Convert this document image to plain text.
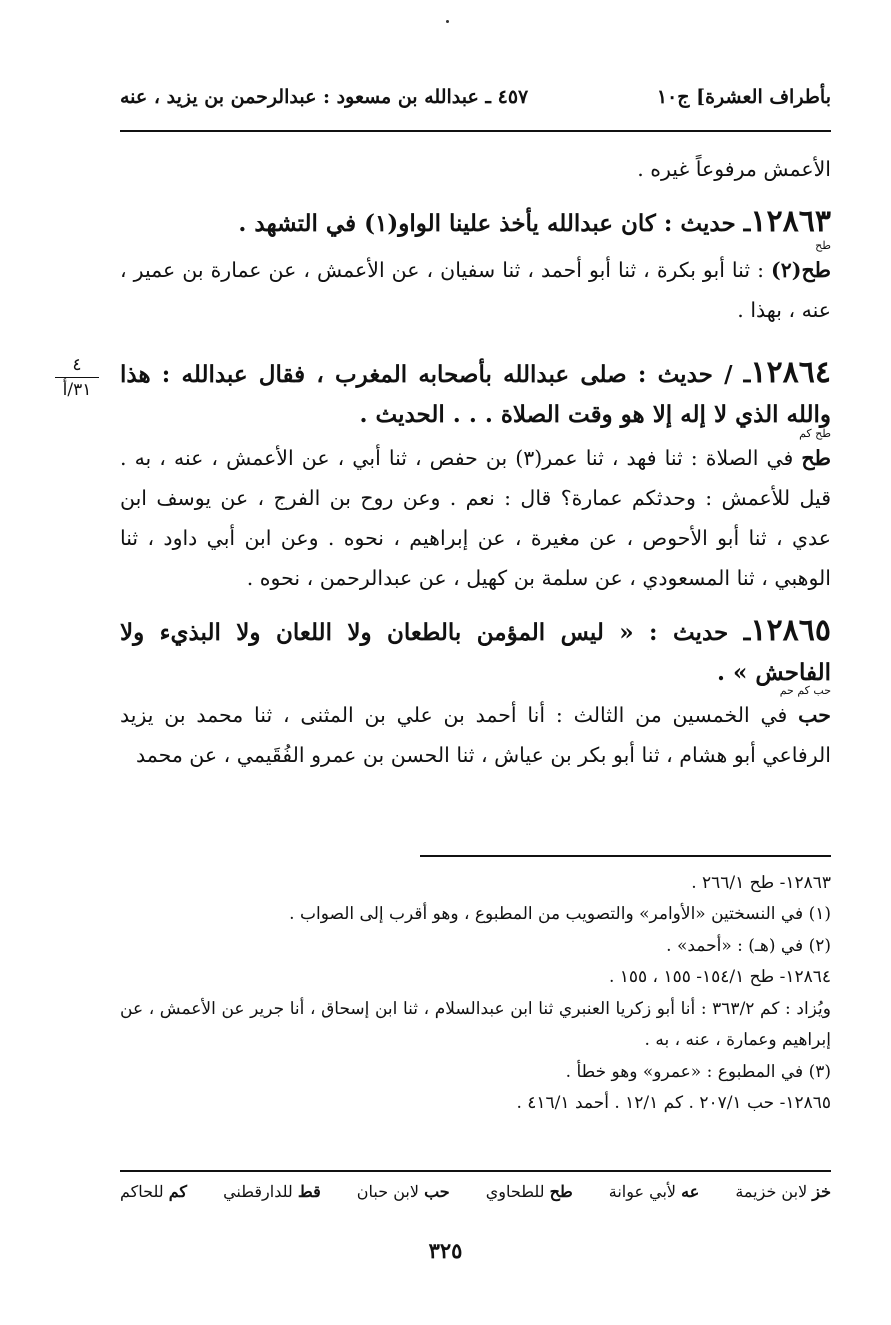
بأطراف العشرة] ج١٠
٤٥٧ ـ عبدالله بن مسعود : عبدالرحمن بن يزيد ، عنه
٤
٣١/أ

الأعمش مرفوعاً غيره .

١٢٨٦٣ـ حديث : كان عبدالله يأخذ علينا الواو(١) في التشهد .
طح

طح(٢) : ثنا أبو بكرة ، ثنا أبو أحمد ، ثنا سفيان ، عن الأعمش ، عن عمارة بن عمير ، عنه ، بهذا .

١٢٨٦٤ـ / حديث : صلى عبدالله بأصحابه المغرب ، فقال عبدالله : هذا والله الذي لا إله إلا هو وقت الصلاة . . . الحديث .
طح كم

طح في الصلاة : ثنا فهد ، ثنا عمر(٣) بن حفص ، ثنا أبي ، عن الأعمش ، عنه ، به . قيل للأعمش : وحدثكم عمارة؟ قال : نعم . وعن روح بن الفرج ، عن يوسف ابن عدي ، ثنا أبو الأحوص ، عن مغيرة ، عن إبراهيم ، نحوه . وعن ابن أبي داود ، ثنا الوهبي ، ثنا المسعودي ، عن سلمة بن كهيل ، عن عبدالرحمن ، نحوه .

١٢٨٦٥ـ حديث : « ليس المؤمن بالطعان ولا اللعان ولا البذيء ولا الفاحش » .
حب كم حم

حب في الخمسين من الثالث : أنا أحمد بن علي بن المثنى ، ثنا محمد بن يزيد الرفاعي أبو هشام ، ثنا أبو بكر بن عياش ، ثنا الحسن بن عمرو الفُقَيمي ، عن محمد

١٢٨٦٣- طح ٢٦٦/١ .

(١) في النسختين «الأوامر» والتصويب من المطبوع ، وهو أقرب إلى الصواب .

(٢) في (هـ) : «أحمد» .

١٢٨٦٤- طح ١٥٤/١- ١٥٥ ، ١٥٥ .

ويُزاد : كم ٣٦٣/٢ : أنا أبو زكريا العنبري ثنا ابن عبدالسلام ، ثنا ابن إسحاق ، أنا جرير عن الأعمش ، عن إبراهيم وعمارة ، عنه ، به .

(٣) في المطبوع : «عمرو» وهو خطأ .

١٢٨٦٥- حب ٢٠٧/١ . كم ١٢/١ . أحمد ٤١٦/١ .

خز لابن خزيمة
عه لأبي عوانة
طح للطحاوي
حب لابن حبان
قط للدارقطني
كم للحاكم
٣٢٥
